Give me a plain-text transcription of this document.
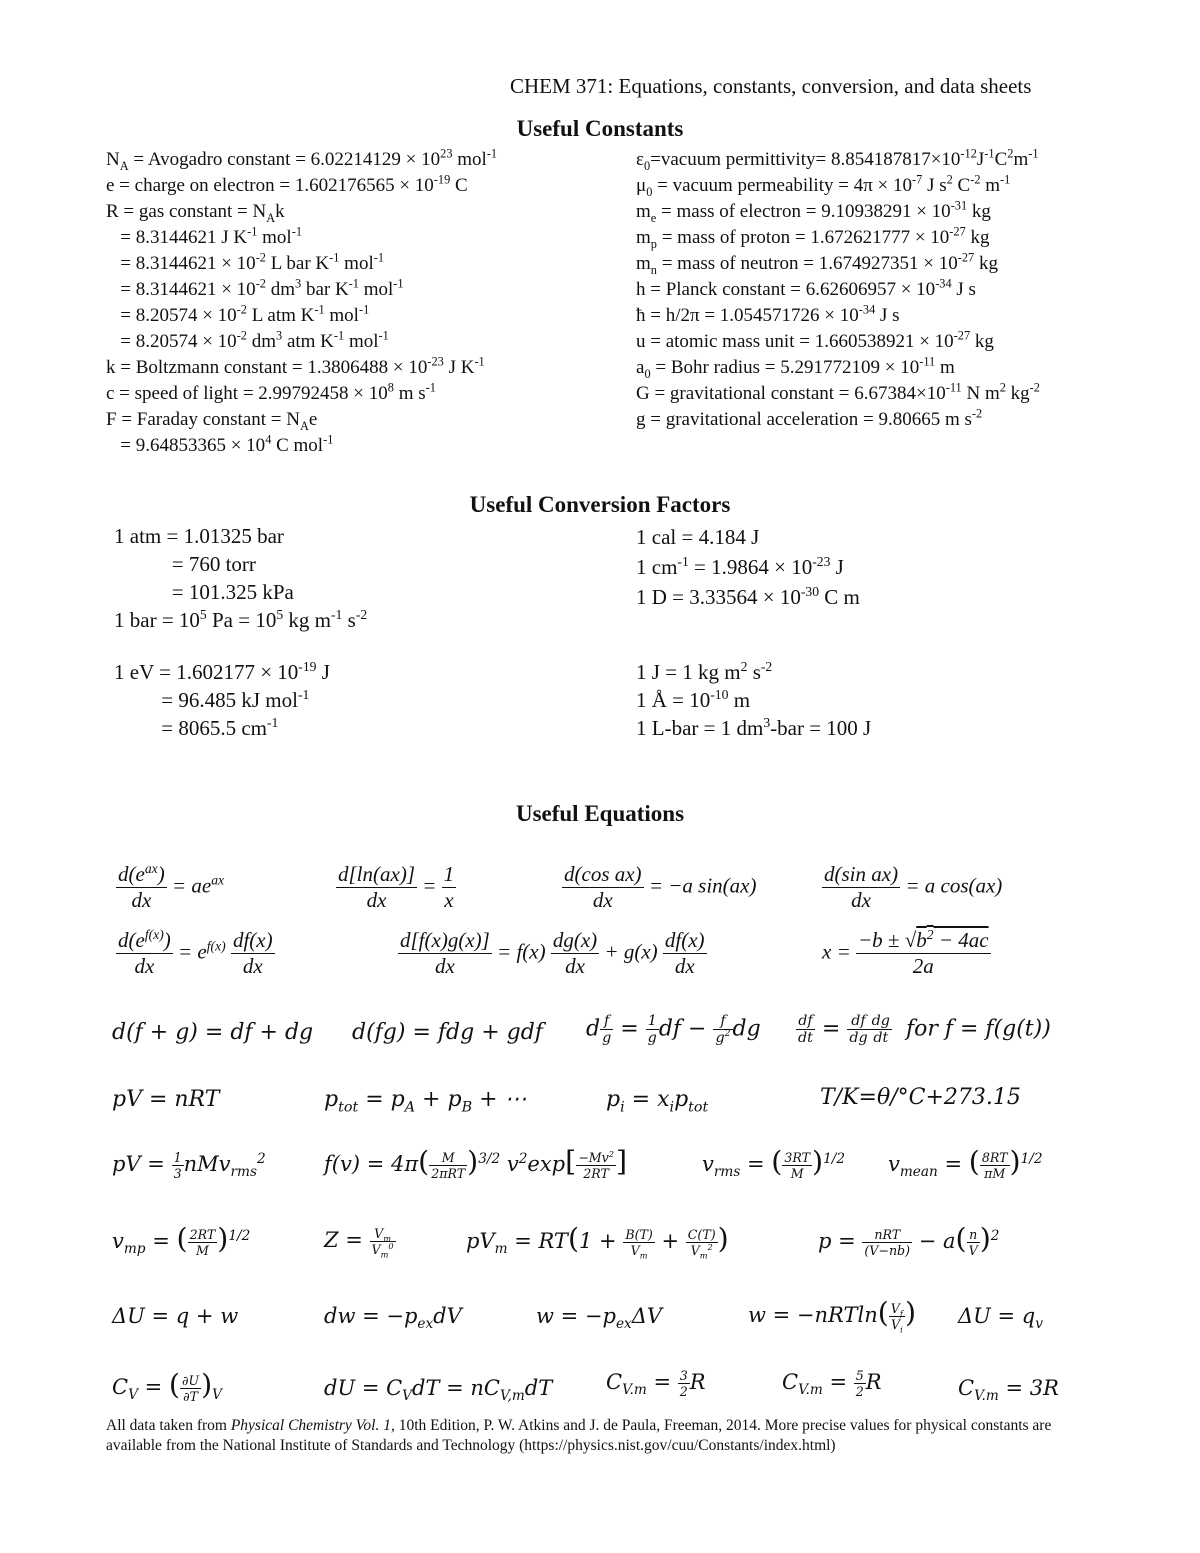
CHEM 371: Equations, constants, conversion, and data sheets
Useful Constants
$N_A$ = Avogadro constant = $6.02214129 \times 10^{23}$ mol$^{-1}$
e = charge on electron = $1.602176565 \times 10^{-19}$ C
R = gas constant = $N_Ak$
= 8.3144621 J $K^{-1}$ mol$^{-1}$
= $8.3144621 \times 10^{-2}$ L bar $K^{-1}$ mol$^{-1}$
= $8.3144621 \times 10^{-2}$ $dm^3$ bar $K^{-1}$ mol$^{-1}$
= $8.20574 \times 10^{-2}$ L atm $K^{-1}$ mol$^{-1}$
= $8.20574 \times 10^{-2}$ $dm^3$ atm $K^{-1}$ mol$^{-1}$
k = Boltzmann constant = $1.3806488 \times 10^{-23}$ J $K^{-1}$
c = speed of light = $2.99792458 \times 10^8$ m $s^{-1}$
F = Faraday constant = $N_Ae$
= $9.64853365 \times 10^4$ C mol$^{-1}$
$\varepsilon_0=vacuum$ permittivity= $8.854187817\times 10^{-12}J^{-1}C^2m^{-1}$
$\mu_0$ = vacuum permeability = $4\pi \times 10^{-7}$ J $s^2$ $C^{-2}$ $m^{-1}$
$m_e$ = mass of electron = $9.10938291 \times 10^{-31}$ kg
$m_p$ = mass of proton = $1.672621777 \times 10^{-27}$ kg
$m_n$ = mass of neutron = $1.674927351 \times 10^{-27}$ kg
h = Planck constant = $6.62606957 \times 10^{-34}$ J s
ħ = $h/2\pi = 1.054571726 \times 10^{-34}$ J s
u = atomic mass unit = $1.660538921 \times 10^{-27}$ kg
$a_0$ = Bohr radius = $5.291772109 \times 10^{-11}$ m
G = gravitational constant = $6.67384\times 10^{-11}$ N $m^2$ $kg^{-2}$
g = gravitational acceleration = 9.80665 m $s^{-2}$
Useful Conversion Factors
1 atm = 1.01325 bar
= 760 torr
= 101.325 kPa
1 bar = $10^5$ $Pa = 10^5$ kg $m^{-1}$ $s^{-2}$
1 eV = $1.602177 \times 10^{-19}$ J
= 96.485 kJ mol$^{-1}$
= 8065.5 $cm^{-1}$
1 cal = 4.184 J
1 $cm^{-1} = 1.9864 \times 10^{-23}$ J
1 $D = 3.33564 \times 10^{-30}$ C m
1 J = 1 kg $m^2$ $s^{-2}$
1 Å = $10^{-10}$ m
1 L-bar = 1 $dm^3$-bar = 100 J
Useful Equations
$\frac{d(e^{ax})}{dx} = ae^{ax}$	$\frac{d[\ln(ax)]}{dx} = \frac{1}{x}$	$\frac{\text{d(cos ax)}}{dx} = -a$ sin(ax)	$\frac{\text{d(sin ax)}}{dx} = a$ cos(ax)
$\frac{d(e^{f(x)})}{dx} = e^{f(x)} \frac{df(x)}{dx}$	$\frac{d[f(x)g(x)]}{dx} = f(x) \frac{dg(x)}{dx} + g(x) \frac{df(x)}{dx}$	$x = \frac{-b \pm √b^2 - 4ac}{2a}$
d(f + g) = df + dg d(fg) = fdg + gdf d $\frac{f}{g} = \frac{1}{g}$ df − $\frac{f}{g^2}$ dg $\frac{df}{dt} = \frac{df}{dg} \frac{dg}{dt}$ for f = f(g(t))
pV = nRT	$p_{tot} = p_A + p_B$ + ⋯	$p_i = x_ip_{tot}$	T/K=θ/°C+273.15
pV = $\frac{1}{3} nMv_{rms}^2$	$f(v) = 4\pi( \frac{M}{\text{2πRT}} )^{3/2}$ $v^2\exp[ \frac{-Mv^2}{2RT}$ ]	$v_{rms}$ = ( $\frac{3RT}{M} )^{1/2}$ $v_{mean}$ = ( $\frac{8RT}{\pi M} )^{1/2}$
$v_{mp}$ = ( $\frac{2RT}{M} )^{1/2}$	$Z = \frac{V_m}{V_m^0}$	$pV_m = RT(1 + \frac{B(T)}{V_m} + \frac{C(T)}{V_m^2}$ )	$p = \frac{\text{nRT}}{(V-nb)} - a( \frac{n}{V} )^2$
ΔU = q + w	dw = $-p_{ex}dV$	$w = -p_{ex}\Delta V$	$w = -nRTln( \frac{V_f}{V_i}$ ) $\Delta U = q_v$
$C_V$ = ( $\frac{\partial U}{\partial T} )_V$	dU = $C_VdT = nC_{V,m}dT$	$C_{V.m} = \frac{3}{2}$ R	$C_{V.m} = \frac{5}{2}$ R	$C_{V.m} = 3R$
All data taken from Physical Chemistry Vol. 1, 10th Edition, P. W. Atkins and J. de Paula, Freeman, 2014. More precise values for physical constants are available from the National Institute of Standards and Technology (https://physics.nist.gov/cuu/Constants/index.html)
